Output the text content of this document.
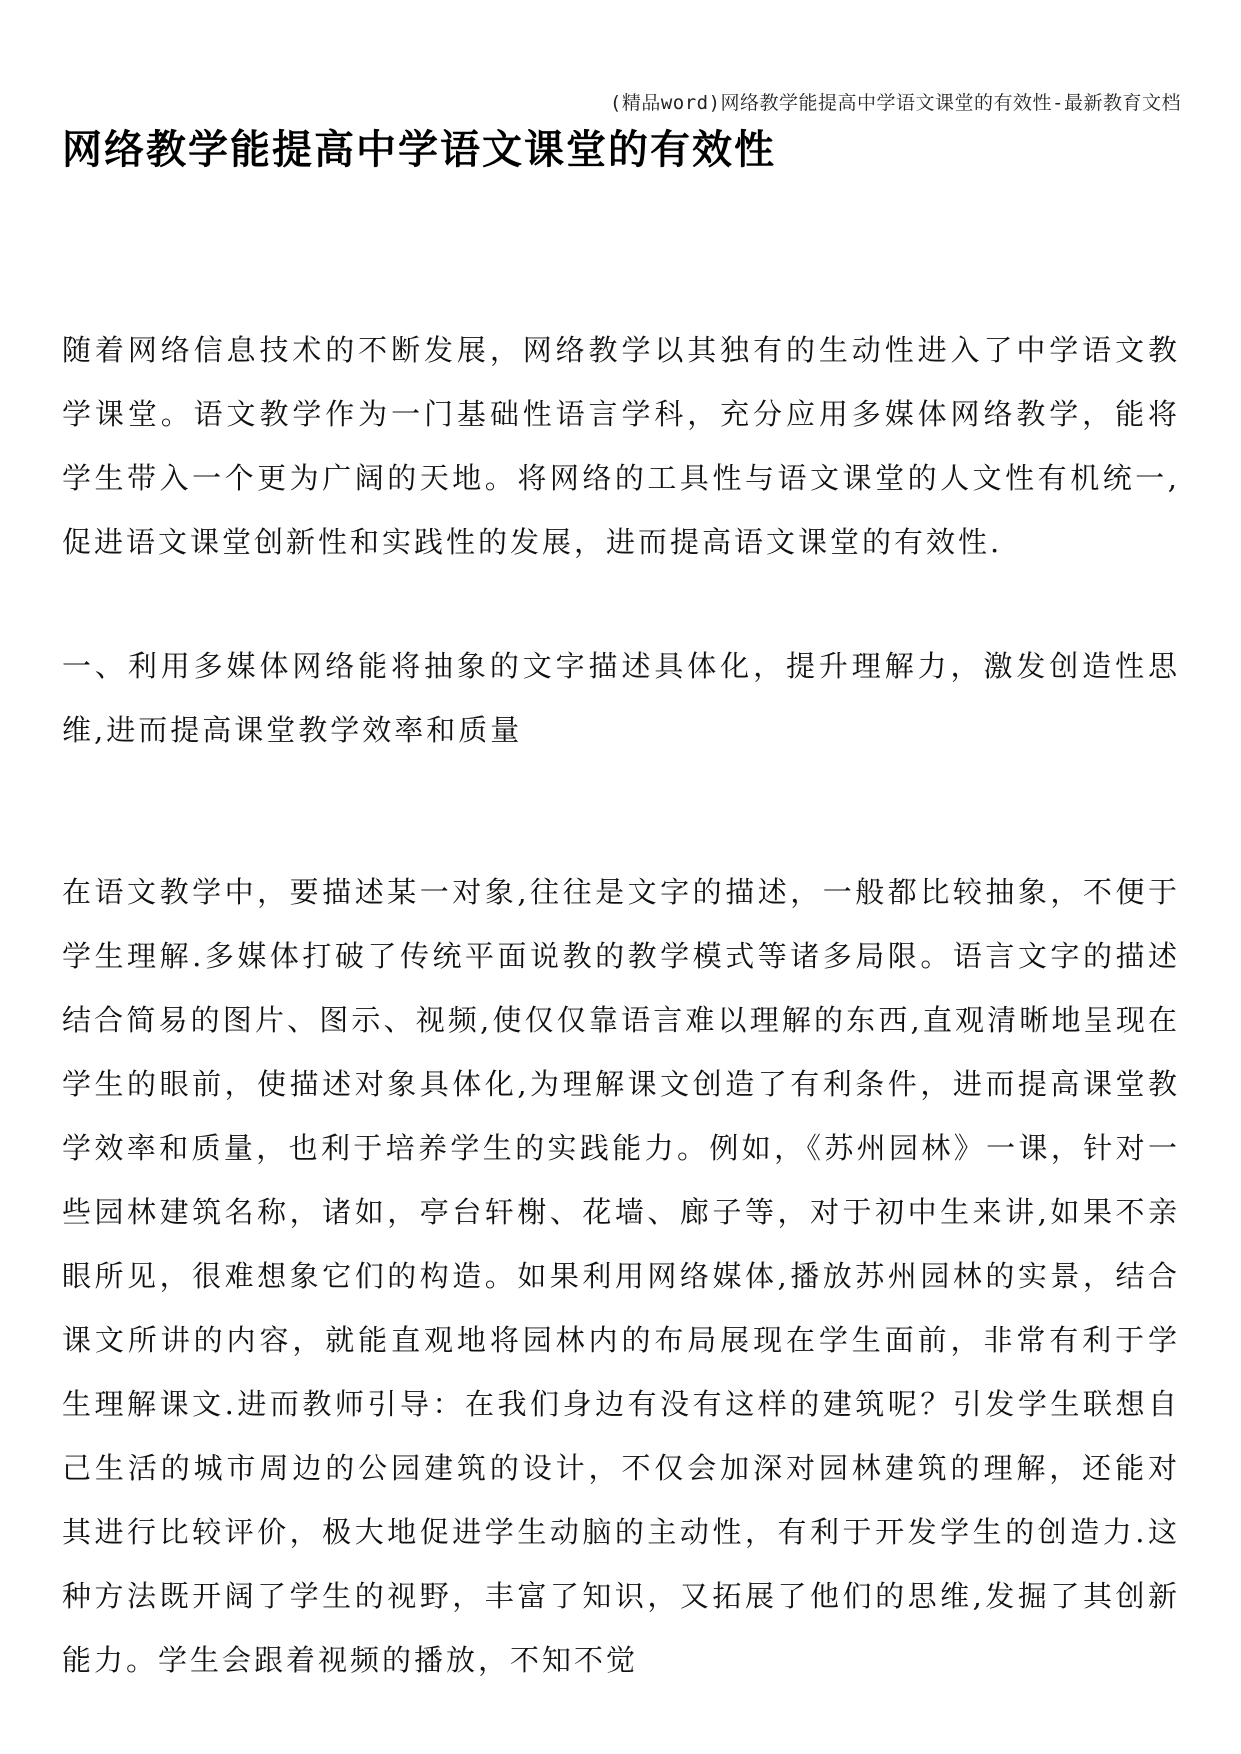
(精品word)网络教学能提高中学语文课堂的有效性-最新教育文档
网络教学能提高中学语文课堂的有效性

随着网络信息技术的不断发展，网络教学以其独有的生动性进入了中学语文教学课堂。语文教学作为一门基础性语言学科，充分应用多媒体网络教学，能将学生带入一个更为广阔的天地。将网络的工具性与语文课堂的人文性有机统一,促进语文课堂创新性和实践性的发展，进而提高语文课堂的有效性.

一、利用多媒体网络能将抽象的文字描述具体化，提升理解力，激发创造性思维,进而提高课堂教学效率和质量

在语文教学中，要描述某一对象,往往是文字的描述，一般都比较抽象，不便于学生理解.多媒体打破了传统平面说教的教学模式等诸多局限。语言文字的描述结合简易的图片、图示、视频,使仅仅靠语言难以理解的东西,直观清晰地呈现在学生的眼前，使描述对象具体化,为理解课文创造了有利条件，进而提高课堂教学效率和质量，也利于培养学生的实践能力。例如，《苏州园林》一课，针对一些园林建筑名称，诸如，亭台轩榭、花墙、廊子等，对于初中生来讲,如果不亲眼所见，很难想象它们的构造。如果利用网络媒体,播放苏州园林的实景，结合课文所讲的内容，就能直观地将园林内的布局展现在学生面前，非常有利于学生理解课文.进而教师引导：在我们身边有没有这样的建筑呢？引发学生联想自己生活的城市周边的公园建筑的设计，不仅会加深对园林建筑的理解，还能对其进行比较评价，极大地促进学生动脑的主动性，有利于开发学生的创造力.这种方法既开阔了学生的视野，丰富了知识，又拓展了他们的思维,发掘了其创新能力。学生会跟着视频的播放，不知不觉
